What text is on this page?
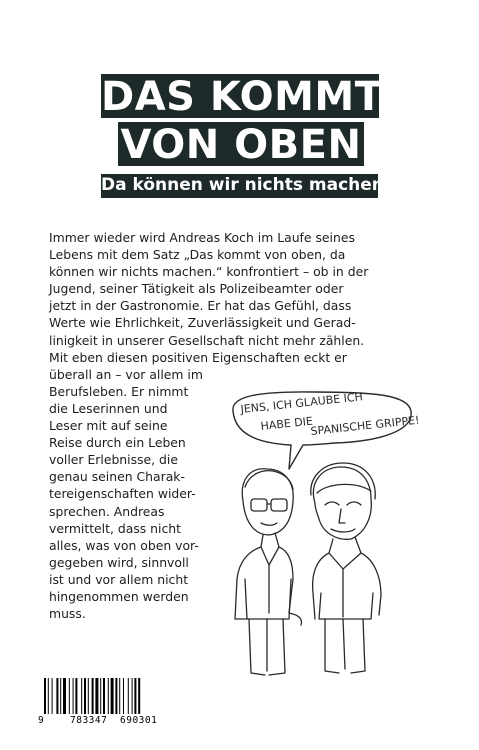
DAS KOMMT
VON OBEN
Da können wir nichts machen
Immer wieder wird Andreas Koch im Laufe seines
Lebens mit dem Satz „Das kommt von oben, da
können wir nichts machen.“ konfrontiert – ob in der
Jugend, seiner Tätigkeit als Polizeibeamter oder
jetzt in der Gastronomie. Er hat das Gefühl, dass
Werte wie Ehrlichkeit, Zuverlässigkeit und Gerad-
linigkeit in unserer Gesellschaft nicht mehr zählen.
Mit eben diesen positiven Eigenschaften eckt er
überall an – vor allem im
Berufsleben. Er nimmt
die Leserinnen und
Leser mit auf seine
Reise durch ein Leben
voller Erlebnisse, die
genau seinen Charak-
tereigenschaften wider-
sprechen. Andreas
vermittelt, dass nicht
alles, was von oben vor-
gegeben wird, sinnvoll
ist und vor allem nicht
hingenommen werden
muss.
JENS, ICH GLAUBE ICH
HABE DIE
SPANISCHE GRIPPE!
9	783347 690301
